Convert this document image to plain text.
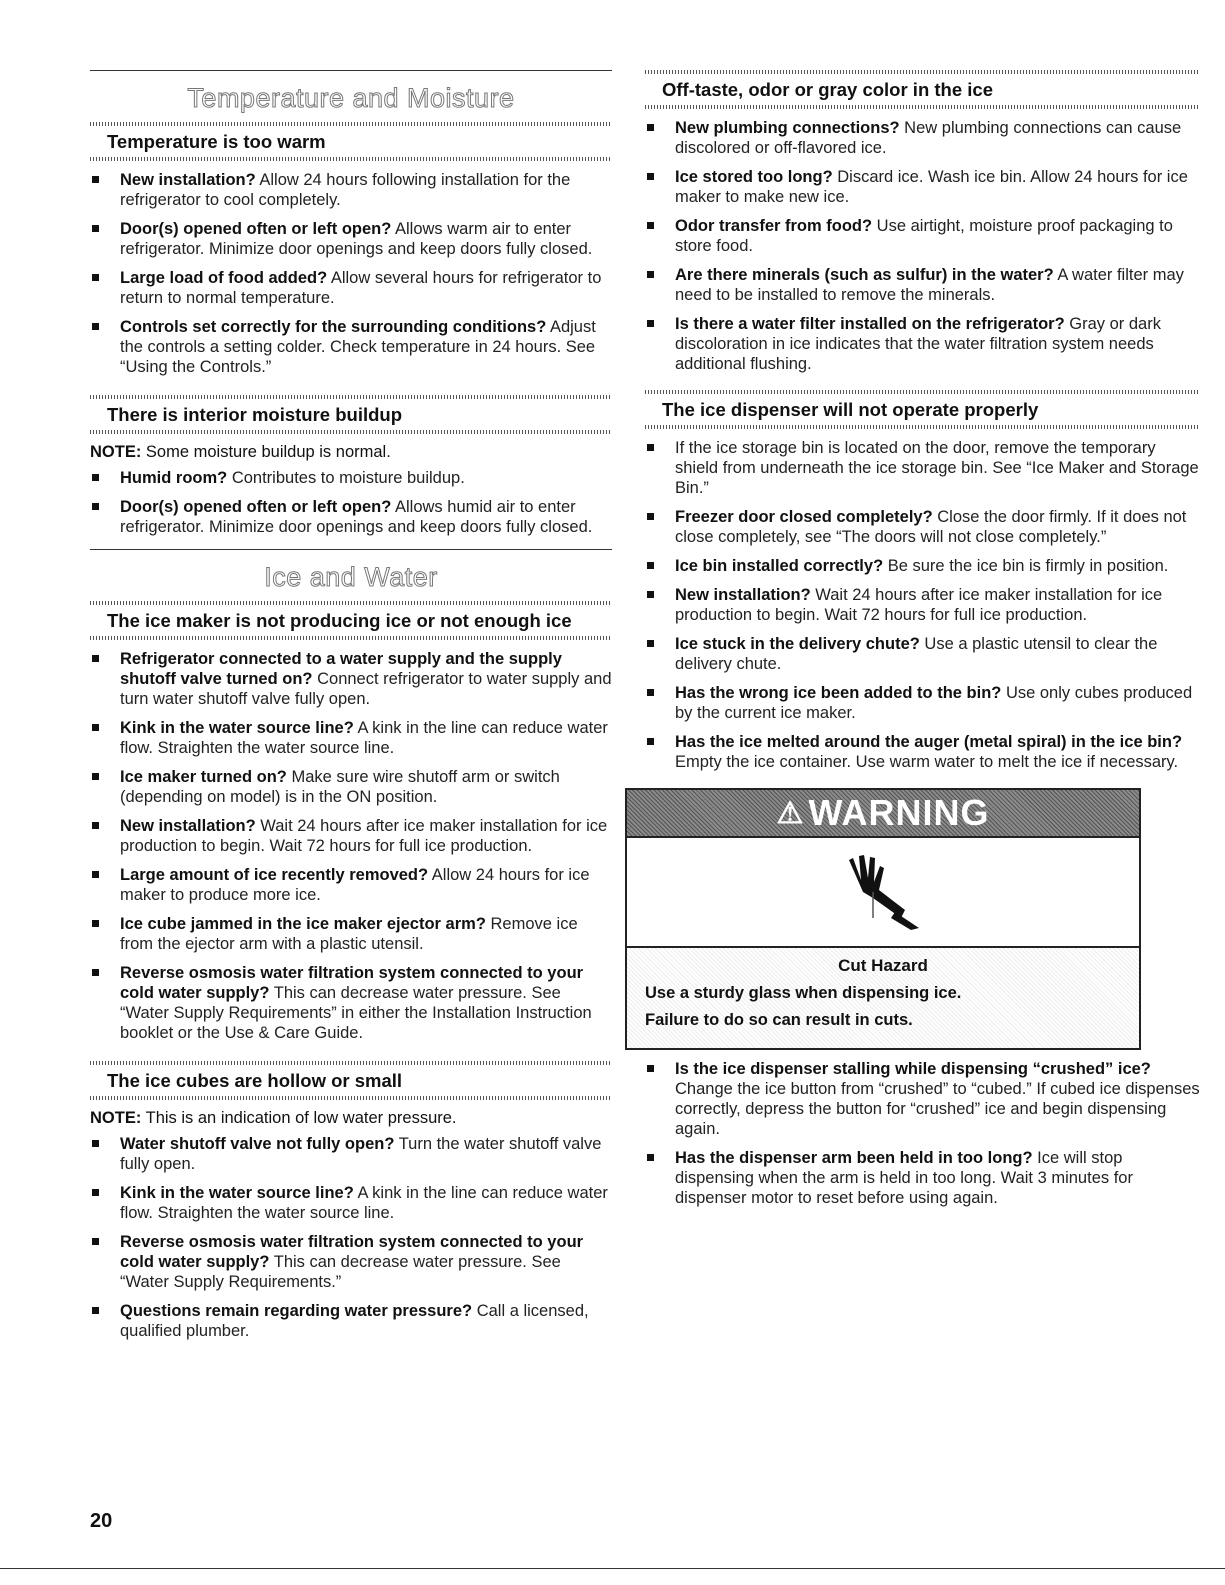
Temperature and Moisture
Temperature is too warm
New installation? Allow 24 hours following installation for the refrigerator to cool completely.
Door(s) opened often or left open? Allows warm air to enter refrigerator. Minimize door openings and keep doors fully closed.
Large load of food added? Allow several hours for refrigerator to return to normal temperature.
Controls set correctly for the surrounding conditions? Adjust the controls a setting colder. Check temperature in 24 hours. See “Using the Controls.”
There is interior moisture buildup

NOTE: Some moisture buildup is normal.

Humid room? Contributes to moisture buildup.
Door(s) opened often or left open? Allows humid air to enter refrigerator. Minimize door openings and keep doors fully closed.
Ice and Water
The ice maker is not producing ice or not enough ice
Refrigerator connected to a water supply and the supply shutoff valve turned on? Connect refrigerator to water supply and turn water shutoff valve fully open.
Kink in the water source line? A kink in the line can reduce water flow. Straighten the water source line.
Ice maker turned on? Make sure wire shutoff arm or switch (depending on model) is in the ON position.
New installation? Wait 24 hours after ice maker installation for ice production to begin. Wait 72 hours for full ice production.
Large amount of ice recently removed? Allow 24 hours for ice maker to produce more ice.
Ice cube jammed in the ice maker ejector arm? Remove ice from the ejector arm with a plastic utensil.
Reverse osmosis water filtration system connected to your cold water supply? This can decrease water pressure. See “Water Supply Requirements” in either the Installation Instruction booklet or the Use & Care Guide.
The ice cubes are hollow or small

NOTE: This is an indication of low water pressure.

Water shutoff valve not fully open? Turn the water shutoff valve fully open.
Kink in the water source line? A kink in the line can reduce water flow. Straighten the water source line.
Reverse osmosis water filtration system connected to your cold water supply? This can decrease water pressure. See “Water Supply Requirements.”
Questions remain regarding water pressure? Call a licensed, qualified plumber.
Off-taste, odor or gray color in the ice
New plumbing connections? New plumbing connections can cause discolored or off-flavored ice.
Ice stored too long? Discard ice. Wash ice bin. Allow 24 hours for ice maker to make new ice.
Odor transfer from food? Use airtight, moisture proof packaging to store food.
Are there minerals (such as sulfur) in the water? A water filter may need to be installed to remove the minerals.
Is there a water filter installed on the refrigerator? Gray or dark discoloration in ice indicates that the water filtration system needs additional flushing.
The ice dispenser will not operate properly
If the ice storage bin is located on the door, remove the temporary shield from underneath the ice storage bin. See “Ice Maker and Storage Bin.”
Freezer door closed completely? Close the door firmly. If it does not close completely, see “The doors will not close completely.”
Ice bin installed correctly? Be sure the ice bin is firmly in position.
New installation? Wait 24 hours after ice maker installation for ice production to begin. Wait 72 hours for full ice production.
Ice stuck in the delivery chute? Use a plastic utensil to clear the delivery chute.
Has the wrong ice been added to the bin? Use only cubes produced by the current ice maker.
Has the ice melted around the auger (metal spiral) in the ice bin? Empty the ice container. Use warm water to melt the ice if necessary.
⚠ WARNING
Cut Hazard

Use a sturdy glass when dispensing ice.

Failure to do so can result in cuts.

Is the ice dispenser stalling while dispensing “crushed” ice? Change the ice button from “crushed” to “cubed.” If cubed ice dispenses correctly, depress the button for “crushed” ice and begin dispensing again.
Has the dispenser arm been held in too long? Ice will stop dispensing when the arm is held in too long. Wait 3 minutes for dispenser motor to reset before using again.
20
